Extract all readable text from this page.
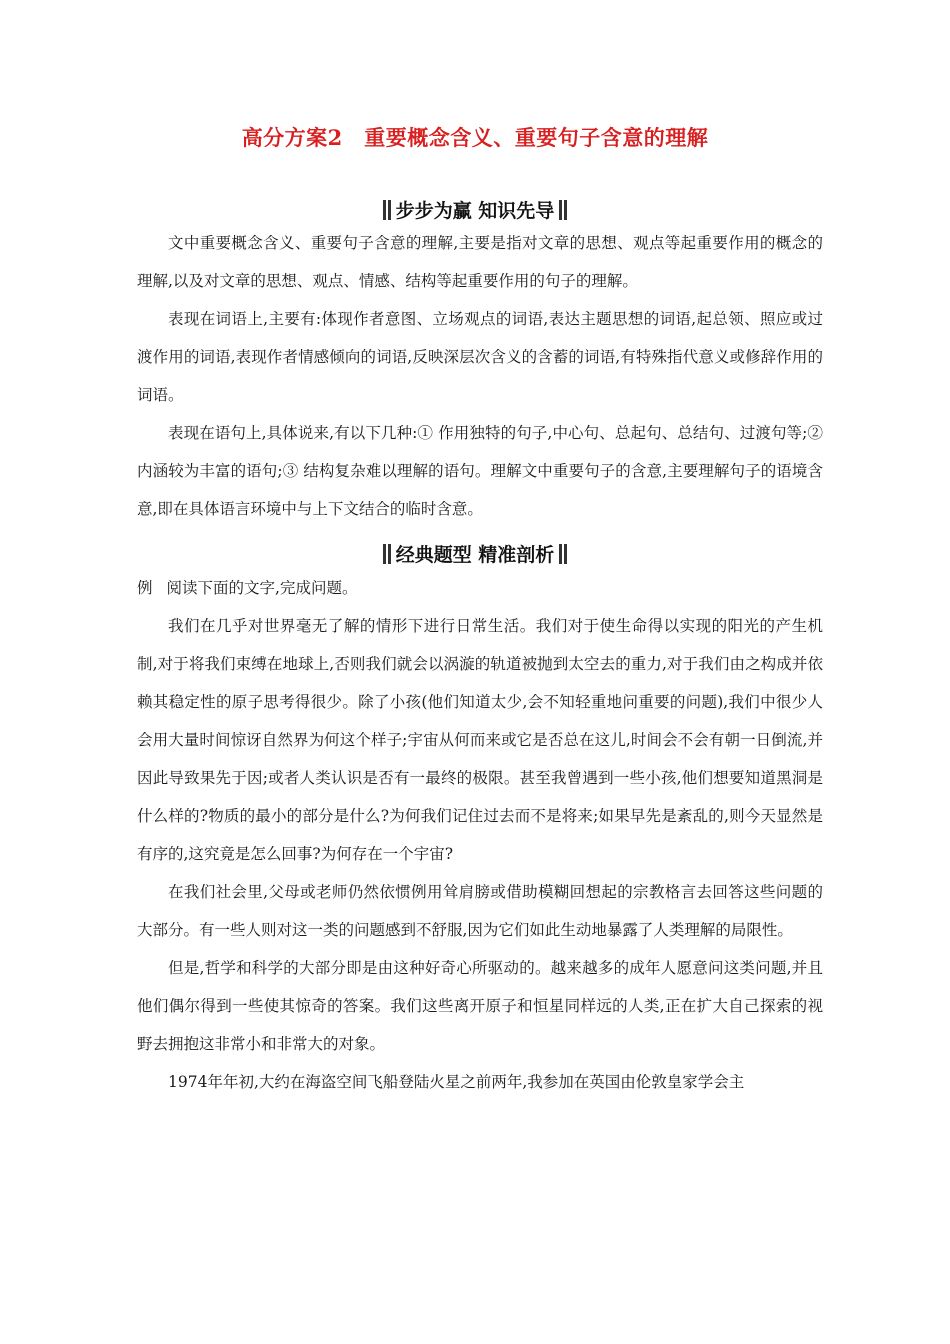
高分方案2　重要概念含义、重要句子含意的理解
步步为赢 知识先导

文中重要概念含义、重要句子含意的理解,主要是指对文章的思想、观点等起重要作用的概念的理解,以及对文章的思想、观点、情感、结构等起重要作用的句子的理解。

表现在词语上,主要有:体现作者意图、立场观点的词语,表达主题思想的词语,起总领、照应或过渡作用的词语,表现作者情感倾向的词语,反映深层次含义的含蓄的词语,有特殊指代意义或修辞作用的词语。

表现在语句上,具体说来,有以下几种:① 作用独特的句子,中心句、总起句、总结句、过渡句等;② 内涵较为丰富的语句;③ 结构复杂难以理解的语句。理解文中重要句子的含意,主要理解句子的语境含意,即在具体语言环境中与上下文结合的临时含意。

经典题型 精准剖析

例 阅读下面的文字,完成问题。

我们在几乎对世界毫无了解的情形下进行日常生活。我们对于使生命得以实现的阳光的产生机制,对于将我们束缚在地球上,否则我们就会以涡漩的轨道被抛到太空去的重力,对于我们由之构成并依赖其稳定性的原子思考得很少。除了小孩(他们知道太少,会不知轻重地问重要的问题),我们中很少人会用大量时间惊讶自然界为何这个样子;宇宙从何而来或它是否总在这儿,时间会不会有朝一日倒流,并因此导致果先于因;或者人类认识是否有一最终的极限。甚至我曾遇到一些小孩,他们想要知道黑洞是什么样的?物质的最小的部分是什么?为何我们记住过去而不是将来;如果早先是紊乱的,则今天显然是有序的,这究竟是怎么回事?为何存在一个宇宙?

在我们社会里,父母或老师仍然依惯例用耸肩膀或借助模糊回想起的宗教格言去回答这些问题的大部分。有一些人则对这一类的问题感到不舒服,因为它们如此生动地暴露了人类理解的局限性。

但是,哲学和科学的大部分即是由这种好奇心所驱动的。越来越多的成年人愿意问这类问题,并且他们偶尔得到一些使其惊奇的答案。我们这些离开原子和恒星同样远的人类,正在扩大自己探索的视野去拥抱这非常小和非常大的对象。

1974年年初,大约在海盗空间飞船登陆火星之前两年,我参加在英国由伦敦皇家学会主
